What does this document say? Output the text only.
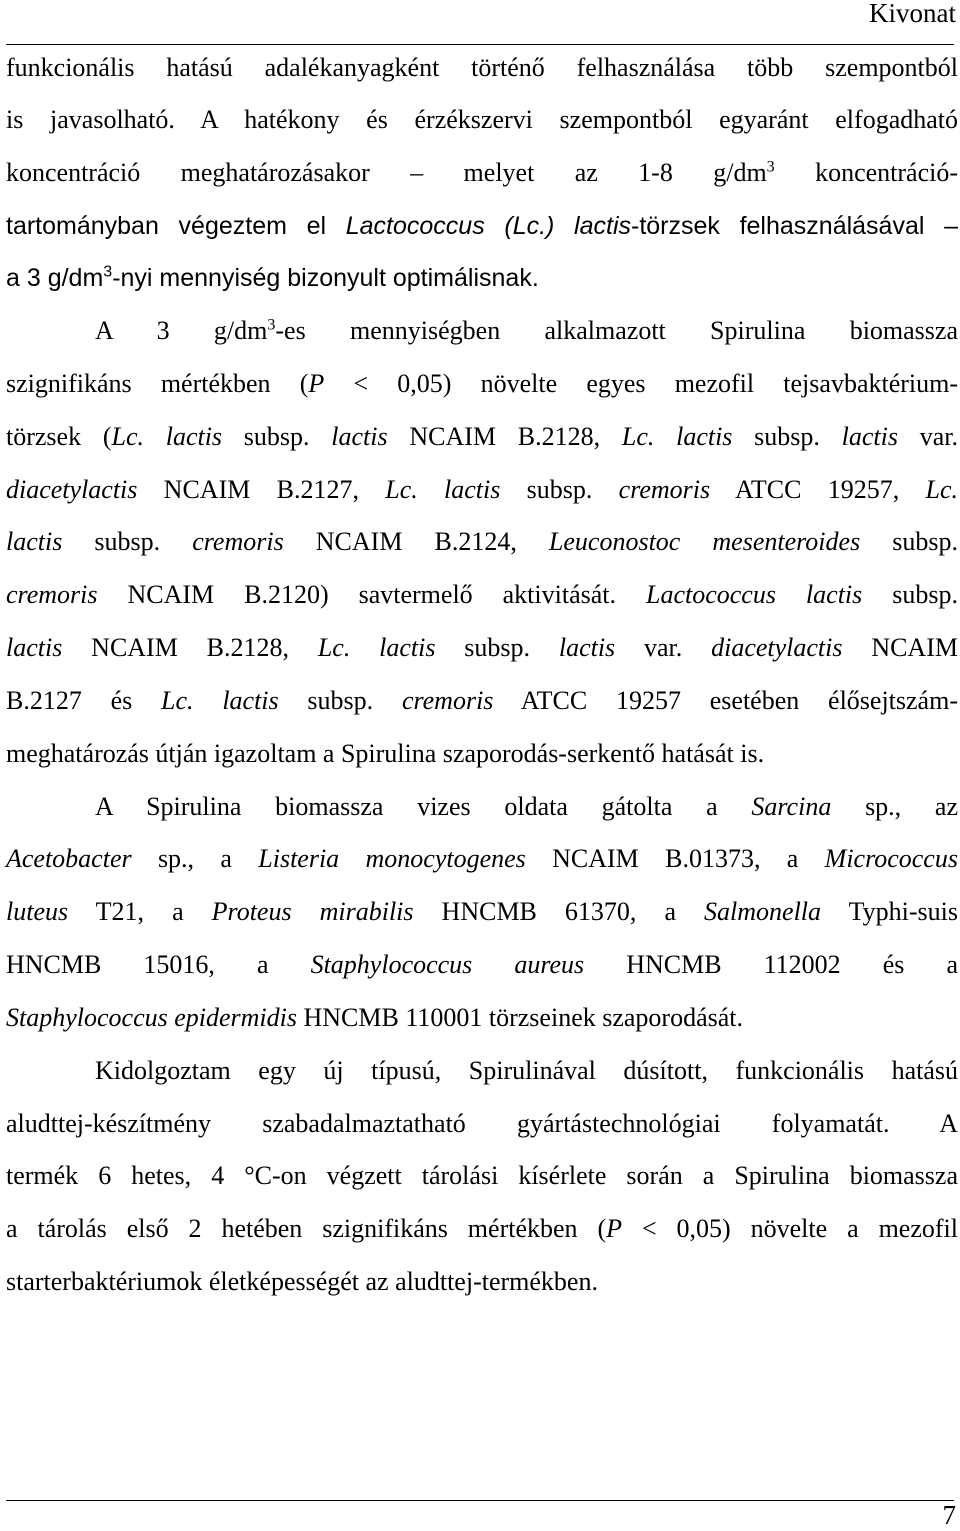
Kivonat
funkcionális hatású adalékanyagként történő felhasználása több szempontból
is javasolható. A hatékony és érzékszervi szempontból egyaránt elfogadható
koncentráció meghatározásakor – melyet az 1-8 $g/dm^3$ koncentráció-
tartományban végeztem el Lactococcus (Lc.) lactis-törzsek felhasználásával –
a 3 $g/dm^3$-nyi mennyiség bizonyult optimálisnak.
A 3 $g/dm^3-es$ mennyiségben alkalmazott Spirulina biomassza
szignifikáns mértékben (P < 0,05) növelte egyes mezofil tejsavbaktérium-
törzsek (Lc. lactis subsp. lactis NCAIM B.2128, Lc. lactis subsp. lactis var.
diacetylactis NCAIM B.2127, Lc. lactis subsp. cremoris ATCC 19257, Lc.
lactis subsp. cremoris NCAIM B.2124, Leuconostoc mesenteroides subsp.
cremoris NCAIM B.2120) savtermelő aktivitását. Lactococcus lactis subsp.
lactis NCAIM B.2128, Lc. lactis subsp. lactis var. diacetylactis NCAIM
B.2127 és Lc. lactis subsp. cremoris ATCC 19257 esetében élősejtszám-
meghatározás útján igazoltam a Spirulina szaporodás-serkentő hatását is.
A Spirulina biomassza vizes oldata gátolta a Sarcina sp., az
Acetobacter sp., a Listeria monocytogenes NCAIM B.01373, a Micrococcus
luteus T21, a Proteus mirabilis HNCMB 61370, a Salmonella Typhi-suis
HNCMB 15016, a Staphylococcus aureus HNCMB 112002 és a
Staphylococcus epidermidis HNCMB 110001 törzseinek szaporodását.
Kidolgoztam egy új típusú, Spirulinával dúsított, funkcionális hatású
aludttej-készítmény szabadalmaztatható gyártástechnológiai folyamatát. A
termék 6 hetes, 4 °C-on végzett tárolási kísérlete során a Spirulina biomassza
a tárolás első 2 hetében szignifikáns mértékben (P < 0,05) növelte a mezofil
starterbaktériumok életképességét az aludttej-termékben.
7
